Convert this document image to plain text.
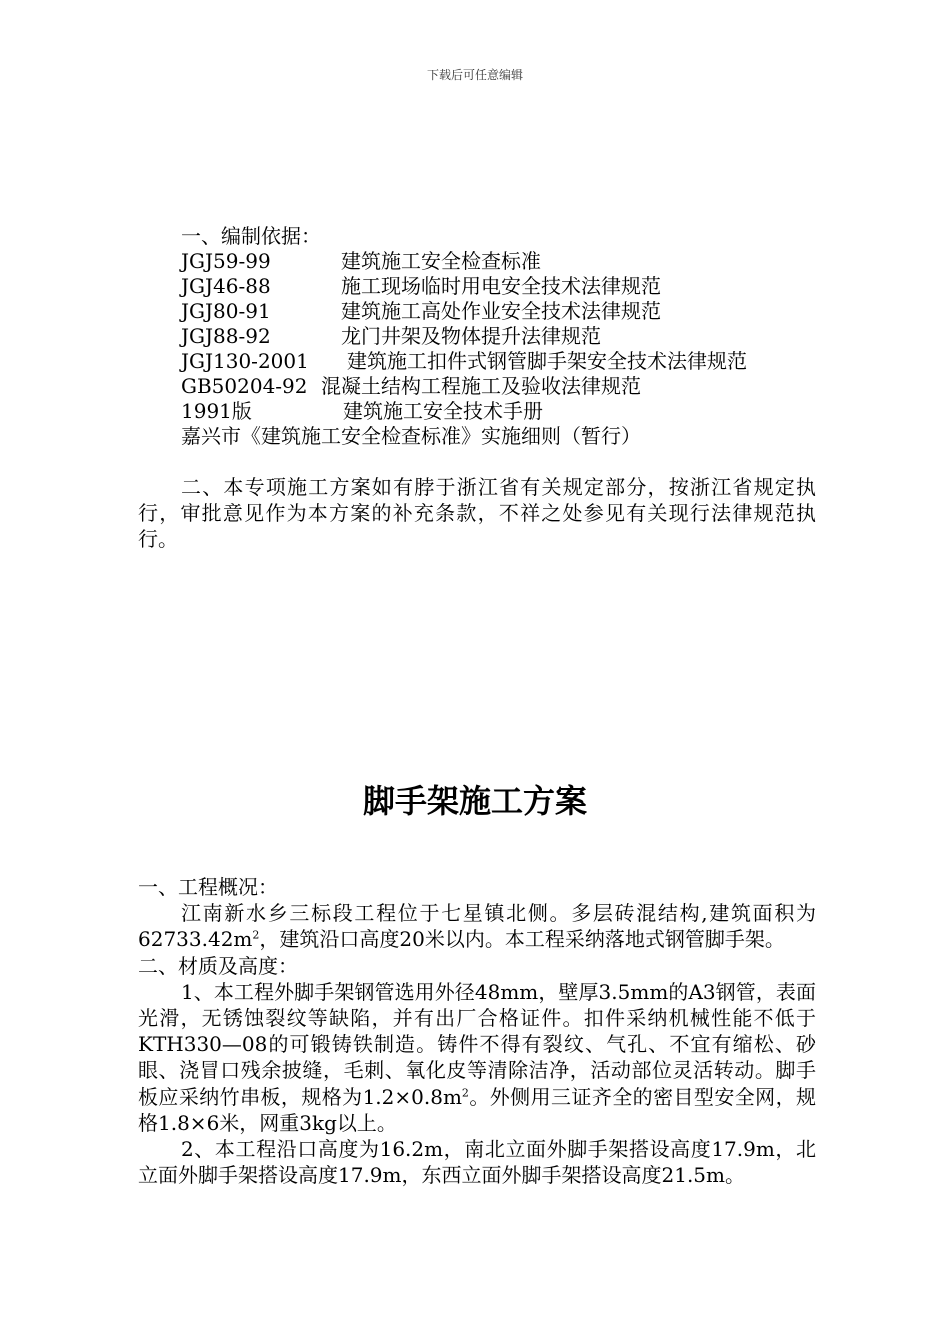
下载后可任意编辑
一、编制依据：
JGJ59-99	建筑施工安全检查标准
JGJ46-88	施工现场临时用电安全技术法律规范
JGJ80-91	建筑施工高处作业安全技术法律规范
JGJ88-92	龙门井架及物体提升法律规范
JGJ130-2001	建筑施工扣件式钢管脚手架安全技术法律规范
GB50204-92 混凝土结构工程施工及验收法律规范
1991版	建筑施工安全技术手册
嘉兴市《建筑施工安全检查标准》实施细则（暂行）
二、本专项施工方案如有脖于浙江省有关规定部分，按浙江省规定执行，审批意见作为本方案的补充条款，不祥之处参见有关现行法律规范执行。
脚手架施工方案

一、工程概况：

江南新水乡三标段工程位于七星镇北侧。多层砖混结构,建筑面积为$62733.42m^2$，建筑沿口高度20米以内。本工程采纳落地式钢管脚手架。

二、材质及高度：

1、本工程外脚手架钢管选用外径48mm，壁厚3.5mm的A3钢管，表面光滑，无锈蚀裂纹等缺陷，并有出厂合格证件。扣件采纳机械性能不低于KTH330—08的可锻铸铁制造。铸件不得有裂纹、气孔、不宜有缩松、砂眼、浇冒口残余披缝，毛刺、氧化皮等清除洁净，活动部位灵活转动。脚手板应采纳竹串板，规格为$1.2\times 0.8m^2$。外侧用三证齐全的密目型安全网，规格1.8×6米，网重3kg以上。

2、本工程沿口高度为16.2m，南北立面外脚手架搭设高度17.9m，北立面外脚手架搭设高度17.9m，东西立面外脚手架搭设高度21.5m。
